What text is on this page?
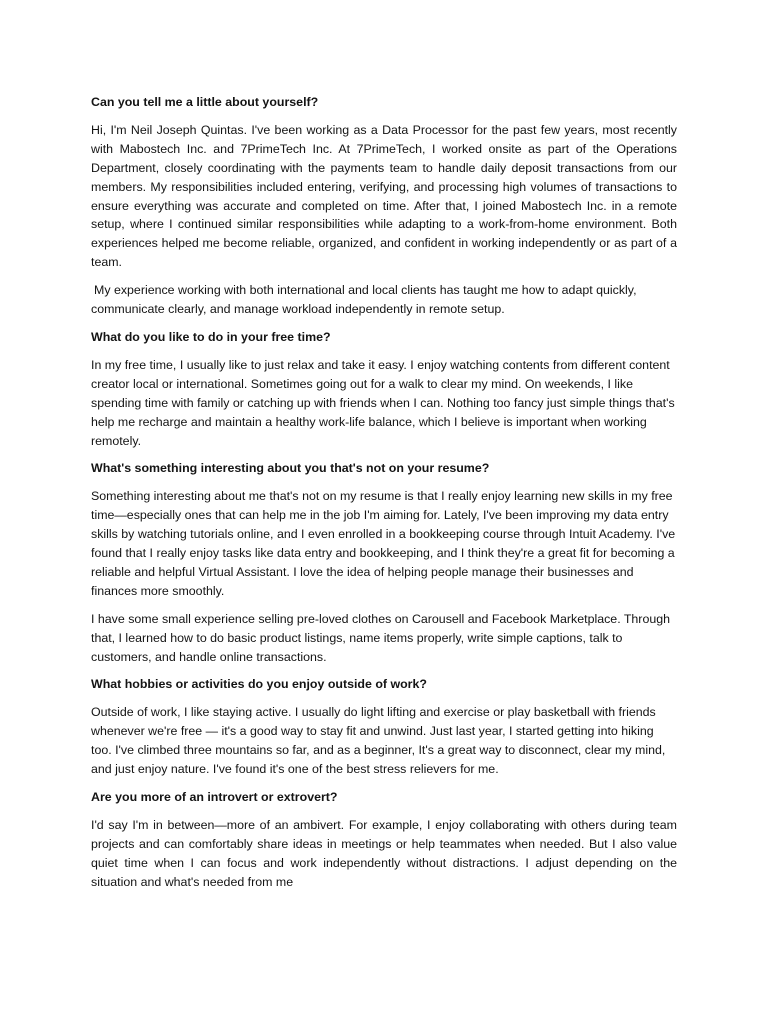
Can you tell me a little about yourself?
Hi, I'm Neil Joseph Quintas. I've been working as a Data Processor for the past few years, most recently with Mabostech Inc. and 7PrimeTech Inc. At 7PrimeTech, I worked onsite as part of the Operations Department, closely coordinating with the payments team to handle daily deposit transactions from our members. My responsibilities included entering, verifying, and processing high volumes of transactions to ensure everything was accurate and completed on time. After that, I joined Mabostech Inc. in a remote setup, where I continued similar responsibilities while adapting to a work-from-home environment. Both experiences helped me become reliable, organized, and confident in working independently or as part of a team.
My experience working with both international and local clients has taught me how to adapt quickly, communicate clearly, and manage workload independently in remote setup.
What do you like to do in your free time?
In my free time, I usually like to just relax and take it easy. I enjoy watching contents from different content creator local or international. Sometimes going out for a walk to clear my mind. On weekends, I like spending time with family or catching up with friends when I can. Nothing too fancy just simple things that's help me recharge and maintain a healthy work-life balance, which I believe is important when working remotely.
What's something interesting about you that's not on your resume?
Something interesting about me that's not on my resume is that I really enjoy learning new skills in my free time—especially ones that can help me in the job I'm aiming for. Lately, I've been improving my data entry skills by watching tutorials online, and I even enrolled in a bookkeeping course through Intuit Academy. I've found that I really enjoy tasks like data entry and bookkeeping, and I think they're a great fit for becoming a reliable and helpful Virtual Assistant. I love the idea of helping people manage their businesses and finances more smoothly.
I have some small experience selling pre-loved clothes on Carousell and Facebook Marketplace. Through that, I learned how to do basic product listings, name items properly, write simple captions, talk to customers, and handle online transactions.
What hobbies or activities do you enjoy outside of work?
Outside of work, I like staying active. I usually do light lifting and exercise or play basketball with friends whenever we're free — it's a good way to stay fit and unwind. Just last year, I started getting into hiking too. I've climbed three mountains so far, and as a beginner, It's a great way to disconnect, clear my mind, and just enjoy nature. I've found it's one of the best stress relievers for me.
Are you more of an introvert or extrovert?
I'd say I'm in between—more of an ambivert. For example, I enjoy collaborating with others during team projects and can comfortably share ideas in meetings or help teammates when needed. But I also value quiet time when I can focus and work independently without distractions. I adjust depending on the situation and what's needed from me
